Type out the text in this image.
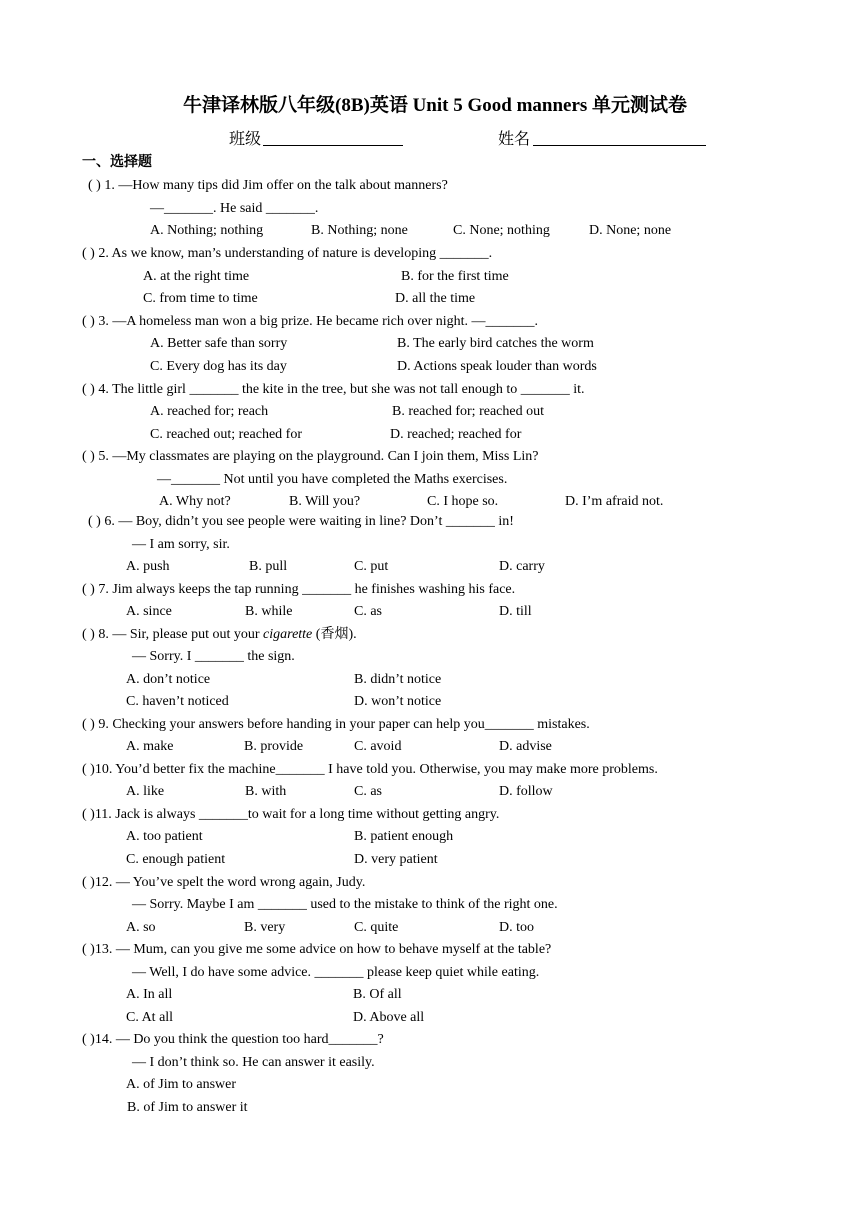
牛津译林版八年级(8B)英语 Unit 5 Good manners 单元测试卷
班级	姓名
一、选择题
( ) 1. —How many tips did Jim offer on the talk about manners?
—_______. He said _______.
A. Nothing; nothing	B. Nothing; none	C. None; nothing	D. None; none
( ) 2. As we know, man’s understanding of nature is developing _______.
A. at the right time	B. for the first time
C. from time to time	D. all the time
( ) 3. —A homeless man won a big prize. He became rich over night. —_______.
A. Better safe than sorry	B. The early bird catches the worm
C. Every dog has its day	D. Actions speak louder than words
( ) 4. The little girl _______ the kite in the tree, but she was not tall enough to _______ it.
A. reached for; reach	B. reached for; reached out
C. reached out; reached for	D. reached; reached for
( ) 5. —My classmates are playing on the playground. Can I join them, Miss Lin?
—_______ Not until you have completed the Maths exercises.
A. Why not?	B. Will you?	C. I hope so.	D. I’m afraid not.
( ) 6. — Boy, didn’t you see people were waiting in line? Don’t _______ in!
— I am sorry, sir.
A. push	B. pull	C. put	D. carry
( ) 7. Jim always keeps the tap running _______ he finishes washing his face.
A. since	B. while	C. as	D. till
( ) 8. — Sir, please put out your cigarette (香烟).
— Sorry. I _______ the sign.
A. don’t notice	B. didn’t notice
C. haven’t noticed	D. won’t notice
( ) 9. Checking your answers before handing in your paper can help you_______ mistakes.
A. make	B. provide	C. avoid	D. advise
( )10. You’d better fix the machine_______ I have told you. Otherwise, you may make more problems.
A. like	B. with	C. as	D. follow
( )11. Jack is always _______to wait for a long time without getting angry.
A. too patient	B. patient enough
C. enough patient	D. very patient
( )12. — You’ve spelt the word wrong again, Judy.
— Sorry. Maybe I am _______ used to the mistake to think of the right one.
A. so	B. very	C. quite	D. too
( )13. — Mum, can you give me some advice on how to behave myself at the table?
— Well, I do have some advice. _______ please keep quiet while eating.
A. In all	B. Of all
C. At all	D. Above all
( )14. — Do you think the question too hard_______?
— I don’t think so. He can answer it easily.
A. of Jim to answer
B. of Jim to answer it
